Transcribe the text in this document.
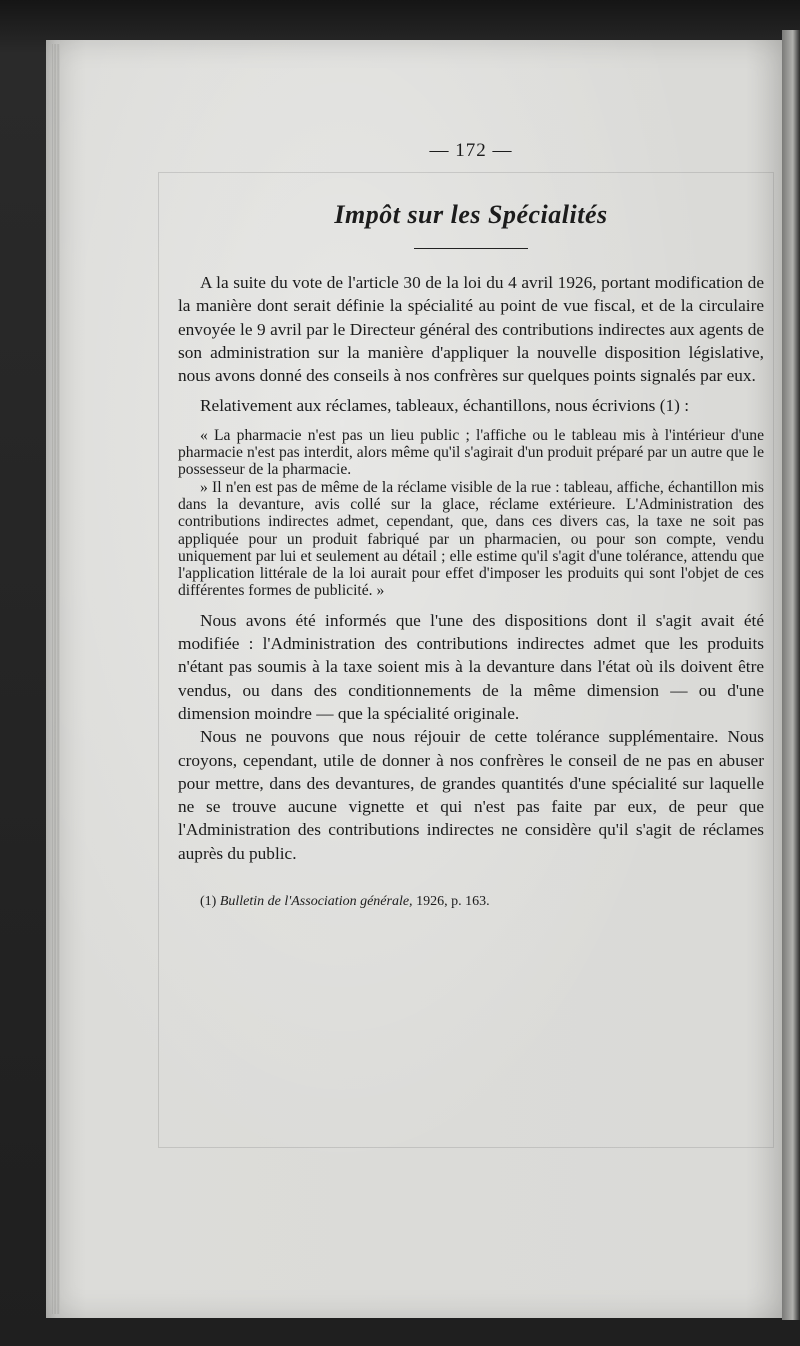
— 172 —

Impôt sur les Spécialités

A la suite du vote de l'article 30 de la loi du 4 avril 1926, portant modification de la manière dont serait définie la spécialité au point de vue fiscal, et de la circulaire envoyée le 9 avril par le Directeur général des contributions indirectes aux agents de son administration sur la manière d'appliquer la nouvelle disposition législative, nous avons donné des conseils à nos confrères sur quelques points signalés par eux.

Relativement aux réclames, tableaux, échantillons, nous écrivions (1) :

« La pharmacie n'est pas un lieu public ; l'affiche ou le tableau mis à l'intérieur d'une pharmacie n'est pas interdit, alors même qu'il s'agirait d'un produit préparé par un autre que le possesseur de la pharmacie.

» Il n'en est pas de même de la réclame visible de la rue : tableau, affiche, échantillon mis dans la devanture, avis collé sur la glace, réclame extérieure. L'Administration des contributions indirectes admet, cependant, que, dans ces divers cas, la taxe ne soit pas appliquée pour un produit fabriqué par un pharmacien, ou pour son compte, vendu uniquement par lui et seulement au détail ; elle estime qu'il s'agit d'une tolérance, attendu que l'application littérale de la loi aurait pour effet d'imposer les produits qui sont l'objet de ces différentes formes de publicité. »

Nous avons été informés que l'une des dispositions dont il s'agit avait été modifiée : l'Administration des contributions indirectes admet que les produits n'étant pas soumis à la taxe soient mis à la devanture dans l'état où ils doivent être vendus, ou dans des conditionnements de la même dimension — ou d'une dimension moindre — que la spécialité originale.

Nous ne pouvons que nous réjouir de cette tolérance supplémentaire. Nous croyons, cependant, utile de donner à nos confrères le conseil de ne pas en abuser pour mettre, dans des devantures, de grandes quantités d'une spécialité sur laquelle ne se trouve aucune vignette et qui n'est pas faite par eux, de peur que l'Administration des contributions indirectes ne considère qu'il s'agit de réclames auprès du public.

(1) Bulletin de l'Association générale, 1926, p. 163.
